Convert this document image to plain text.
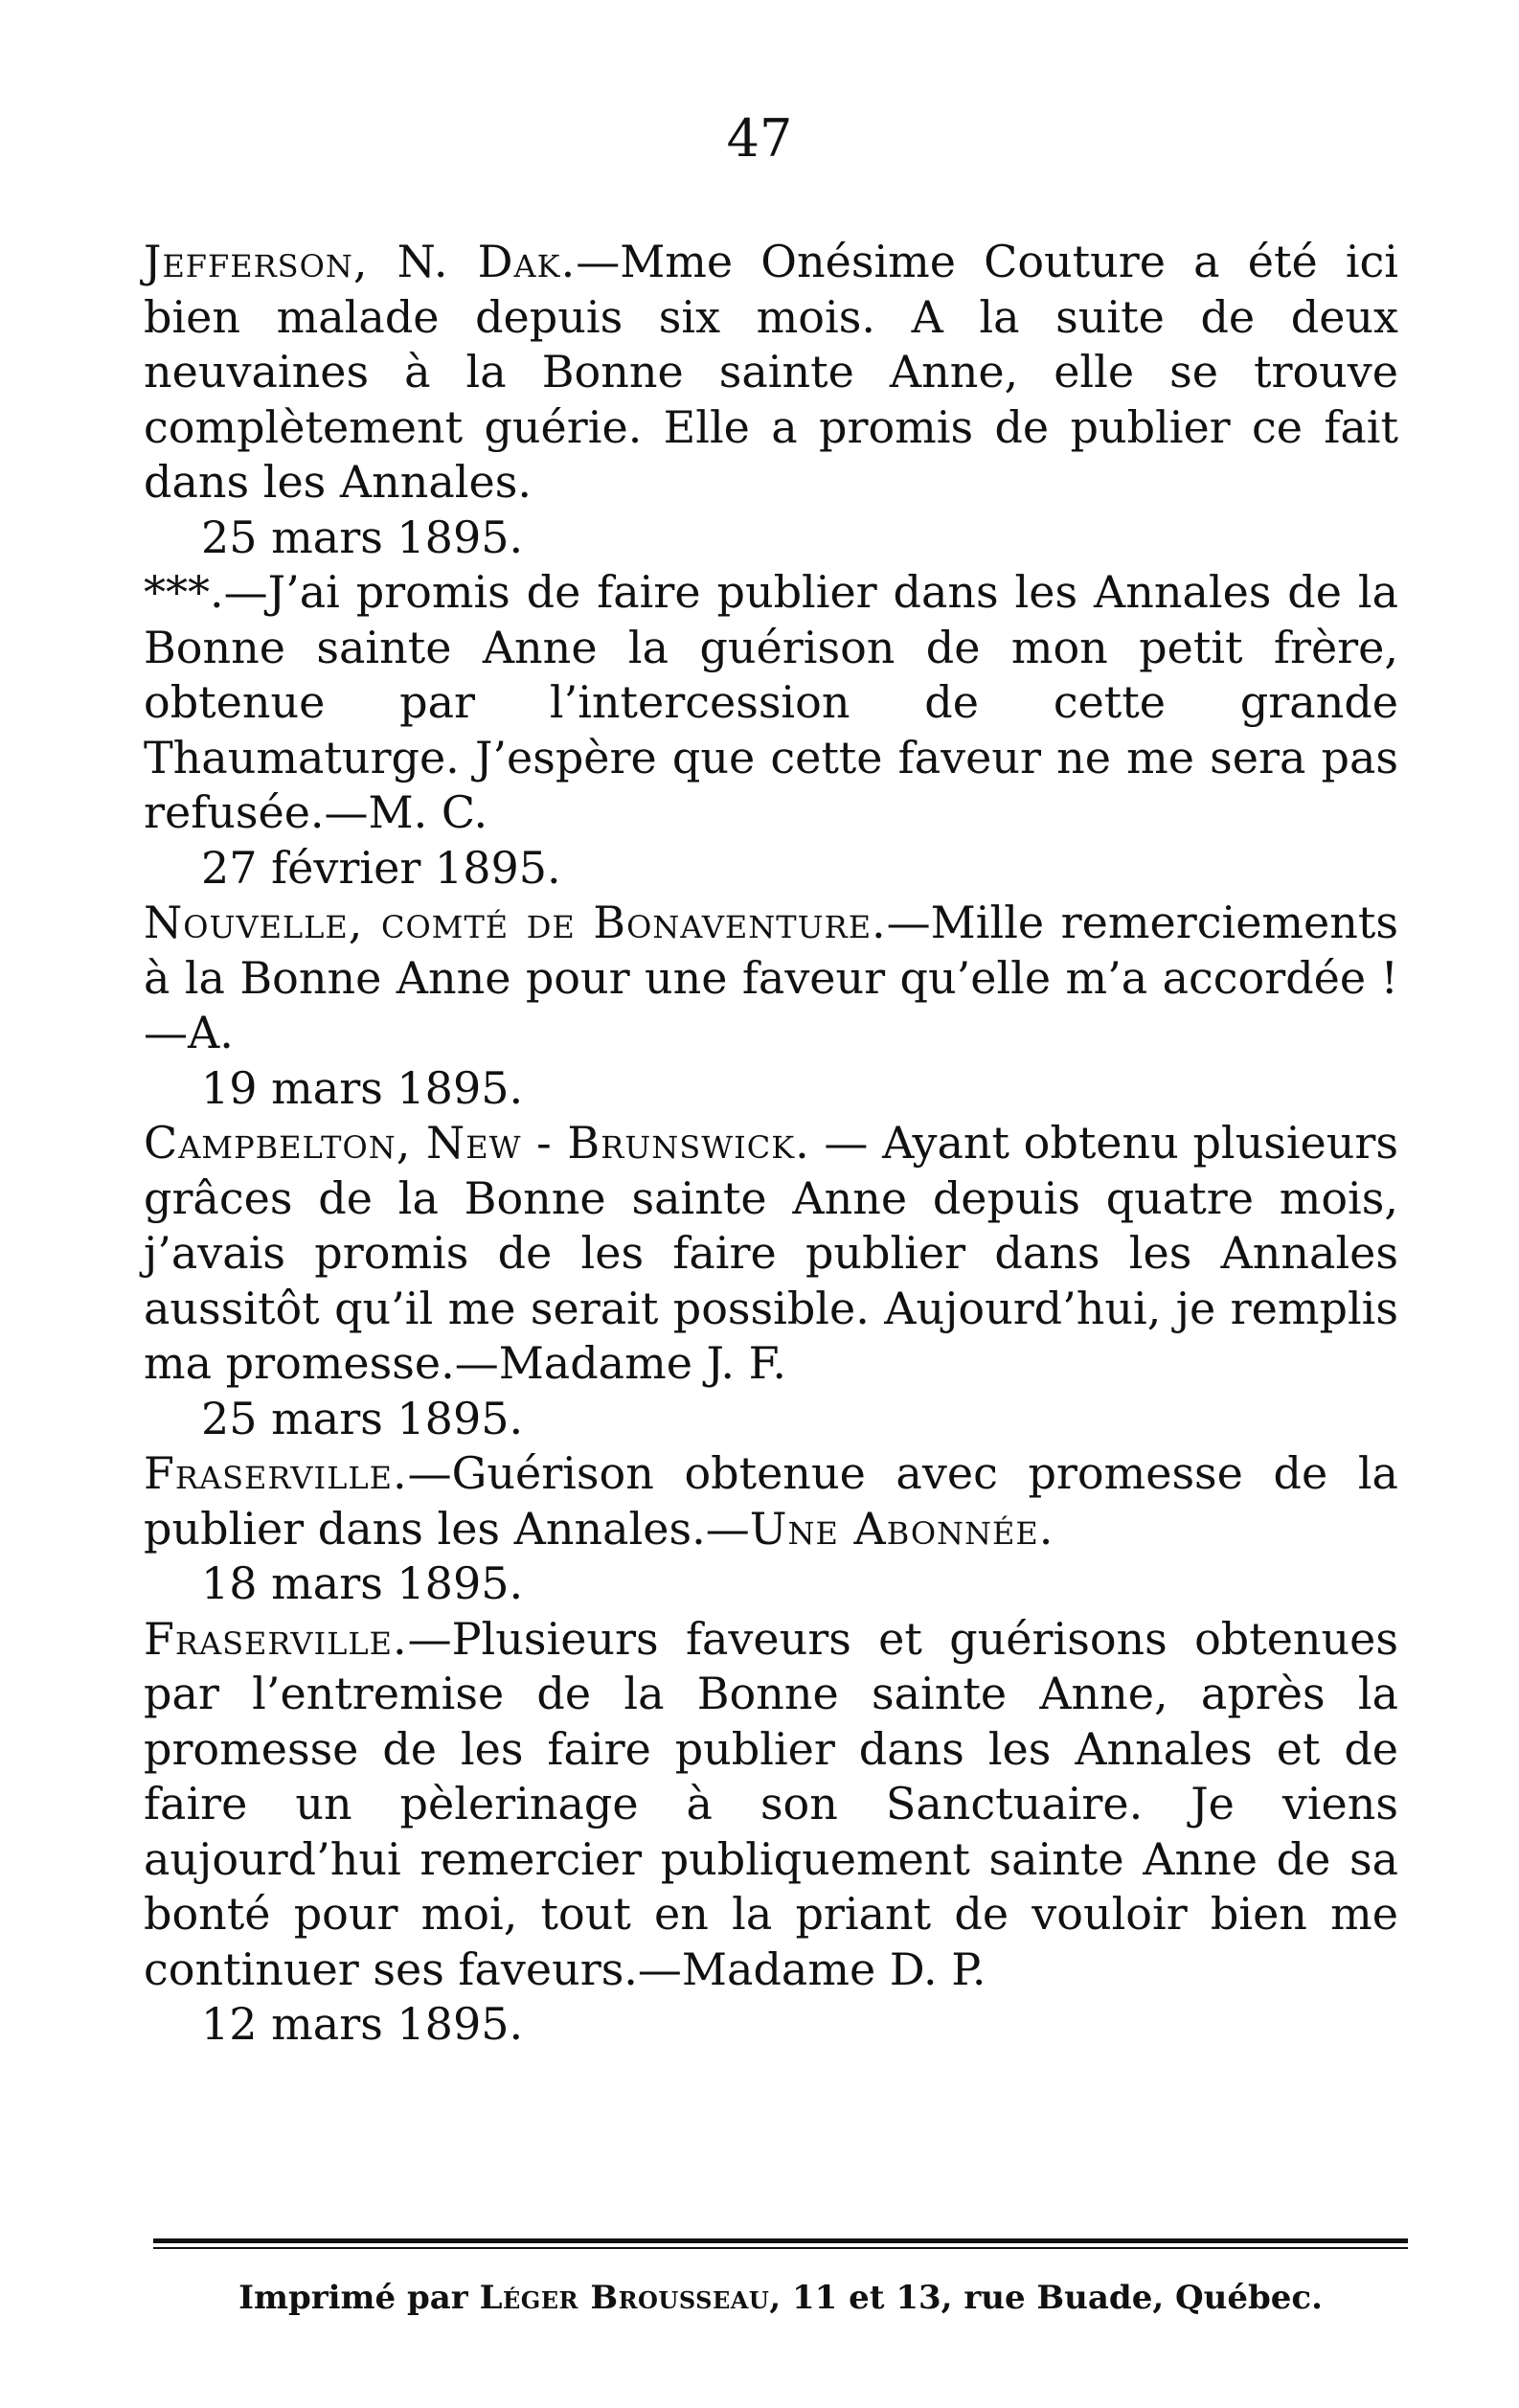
47

Jefferson, N. Dak.—Mme Onésime Couture a été ici bien malade depuis six mois. A la suite de deux neuvaines à la Bonne sainte Anne, elle se trouve complètement guérie. Elle a promis de publier ce fait dans les Annales.

25 mars 1895.

***.—J’ai promis de faire publier dans les Annales de la Bonne sainte Anne la guérison de mon petit frère, obtenue par l’intercession de cette grande Thaumaturge. J’espère que cette faveur ne me sera pas refusée.—M. C.

27 février 1895.

Nouvelle, comté de Bonaventure.—Mille remerciements à la Bonne Anne pour une faveur qu’elle m’a accordée !—A.

19 mars 1895.

Campbelton, New - Brunswick. — Ayant obtenu plusieurs grâces de la Bonne sainte Anne depuis quatre mois, j’avais promis de les faire publier dans les Annales aussitôt qu’il me serait possible. Aujourd’hui, je remplis ma promesse.—Madame J. F.

25 mars 1895.

Fraserville.—Guérison obtenue avec promesse de la publier dans les Annales.—Une Abonnée.

18 mars 1895.

Fraserville.—Plusieurs faveurs et guérisons obtenues par l’entremise de la Bonne sainte Anne, après la promesse de les faire publier dans les Annales et de faire un pèlerinage à son Sanctuaire. Je viens aujourd’hui remercier publiquement sainte Anne de sa bonté pour moi, tout en la priant de vouloir bien me continuer ses faveurs.—Madame D. P.

12 mars 1895.

Imprimé par Léger Brousseau, 11 et 13, rue Buade, Québec.
